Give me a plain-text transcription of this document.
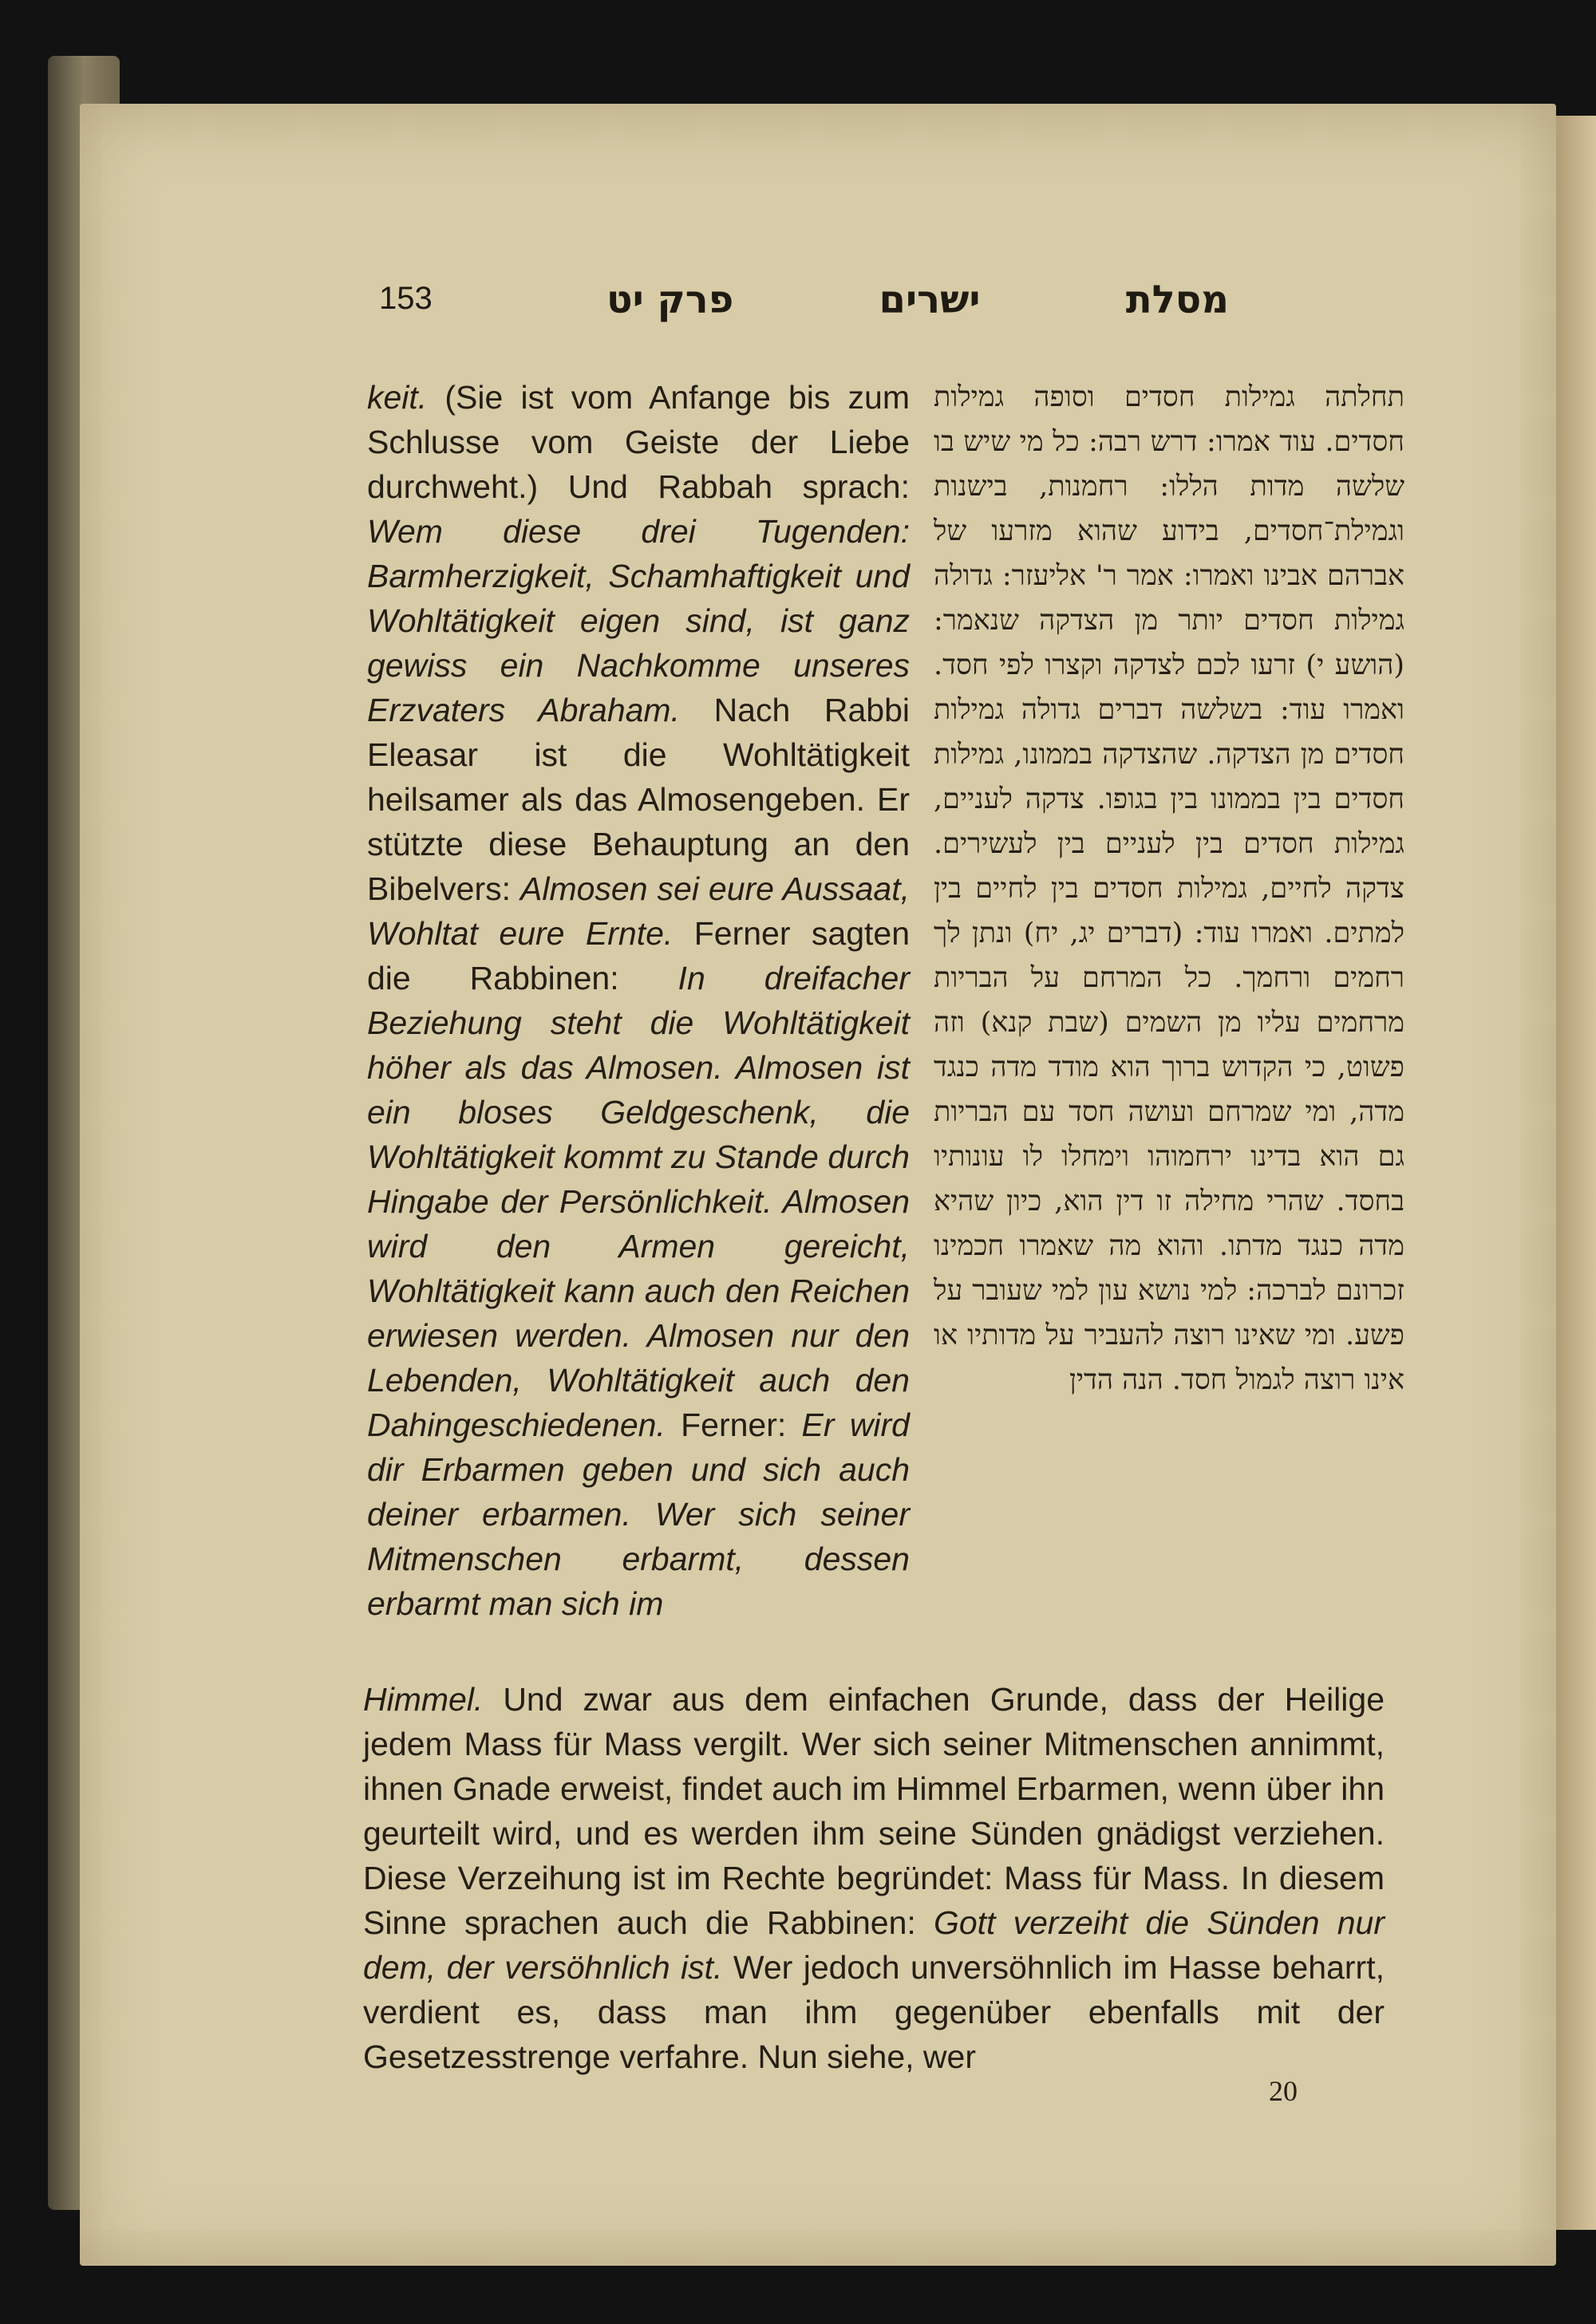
153	מסלת
ישרים
פרק יט
תחלתה גמילות חסדים וסופה גמילות חסדים. עוד אמרו: דרש רבה: כל מי שיש בו שלשה מדות הללו: רחמנות, בישנות וגמילת־חסדים, בידוע שהוא מזרעו של אברהם אבינו ואמרו: אמר ר' אליעזר: גדולה גמילות חסדים יותר מן הצדקה שנאמר: (הושע י) זרעו לכם לצדקה וקצרו לפי חסד. ואמרו עוד: בשלשה דברים גדולה גמילות חסדים מן הצדקה. שהצדקה בממונו, גמילות חסדים בין בממונו בין בגופו. צדקה לעניים, גמילות חסדים בין לעניים בין לעשירים. צדקה לחיים, גמילות חסדים בין לחיים בין למתים. ואמרו עוד: (דברים יג, יח) ונתן לך רחמים ורחמך. כל המרחם על הבריות מרחמים עליו מן השמים (שבת קנא) וזה פשוט, כי הקדוש ברוך הוא מודד מדה כנגד מדה, ומי שמרחם ועושה חסד עם הבריות גם הוא בדינו ירחמוהו וימחלו לו עונותיו בחסד. שהרי מחילה זו דין הוא, כיון שהיא מדה כנגד מדתו. והוא מה שאמרו חכמינו זכרונם לברכה: למי נושא עון למי שעובר על פשע. ומי שאינו רוצה להעביר על מדותיו או אינו רוצה לגמול חסד. הנה הדין
keit. (Sie ist vom Anfange bis zum Schlusse vom Geiste der Liebe durchweht.) Und Rabbah sprach: Wem diese drei Tugenden: Barmherzigkeit, Schamhaftigkeit und Wohltätigkeit eigen sind, ist ganz gewiss ein Nachkomme unseres Erzvaters Abraham. Nach Rabbi Eleasar ist die Wohltätigkeit heilsamer als das Almosengeben. Er stützte diese Behauptung an den Bibelvers: Almosen sei eure Aussaat, Wohltat eure Ernte. Ferner sagten die Rabbinen: In dreifacher Beziehung steht die Wohltätigkeit höher als das Almosen. Almosen ist ein bloses Geldgeschenk, die Wohltätigkeit kommt zu Stande durch Hingabe der Persönlichkeit. Almosen wird den Armen gereicht, Wohltätigkeit kann auch den Reichen erwiesen werden. Almosen nur den Lebenden, Wohltätigkeit auch den Dahingeschiedenen. Ferner: Er wird dir Erbarmen geben und sich auch deiner erbarmen. Wer sich seiner Mitmenschen erbarmt, dessen erbarmt man sich im
Himmel. Und zwar aus dem einfachen Grunde, dass der Heilige jedem Mass für Mass vergilt. Wer sich seiner Mitmenschen annimmt, ihnen Gnade erweist, findet auch im Himmel Erbarmen, wenn über ihn geurteilt wird, und es werden ihm seine Sünden gnädigst verziehen. Diese Verzeihung ist im Rechte begründet: Mass für Mass. In diesem Sinne sprachen auch die Rabbinen: Gott verzeiht die Sünden nur dem, der versöhnlich ist. Wer jedoch unversöhnlich im Hasse beharrt, verdient es, dass man ihm gegenüber ebenfalls mit der Gesetzesstrenge verfahre. Nun siehe, wer
20
